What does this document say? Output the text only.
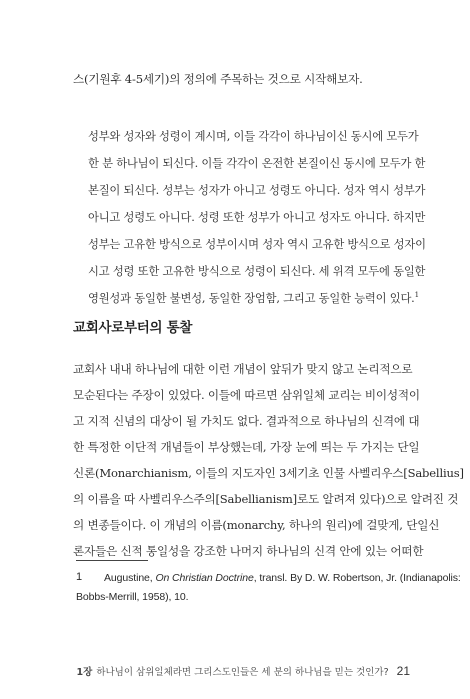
스(기원후 4-5세기)의 정의에 주목하는 것으로 시작해보자.
성부와 성자와 성령이 계시며, 이들 각각이 하나님이신 동시에 모두가
한 분 하나님이 되신다. 이들 각각이 온전한 본질이신 동시에 모두가 한
본질이 되신다. 성부는 성자가 아니고 성령도 아니다. 성자 역시 성부가
아니고 성령도 아니다. 성령 또한 성부가 아니고 성자도 아니다. 하지만
성부는 고유한 방식으로 성부이시며 성자 역시 고유한 방식으로 성자이
시고 성령 또한 고유한 방식으로 성령이 되신다. 세 위격 모두에 동일한
영원성과 동일한 불변성, 동일한 장엄함, 그리고 동일한 능력이 있다.$^1$
교회사로부터의 통찰
교회사 내내 하나님에 대한 이런 개념이 앞뒤가 맞지 않고 논리적으로
모순된다는 주장이 있었다. 이들에 따르면 삼위일체 교리는 비이성적이
고 지적 신념의 대상이 될 가치도 없다. 결과적으로 하나님의 신격에 대
한 특정한 이단적 개념들이 부상했는데, 가장 눈에 띄는 두 가지는 단일
신론(Monarchianism, 이들의 지도자인 3세기초 인물 사벨리우스[Sabellius]
의 이름을 따 사벨리우스주의[Sabellianism]로도 알려져 있다)으로 알려진 것
의 변종들이다. 이 개념의 이름(monarchy, 하나의 원리)에 걸맞게, 단일신
론자들은 신적 통일성을 강조한 나머지 하나님의 신격 안에 있는 어떠한
1 Augustine, On Christian Doctrine, transl. By D. W. Robertson, Jr. (Indianapolis:
Bobbs-Merrill, 1958), 10.
1장 하나님이 삼위일체라면 그리스도인들은 세 분의 하나님을 믿는 것인가? 21
